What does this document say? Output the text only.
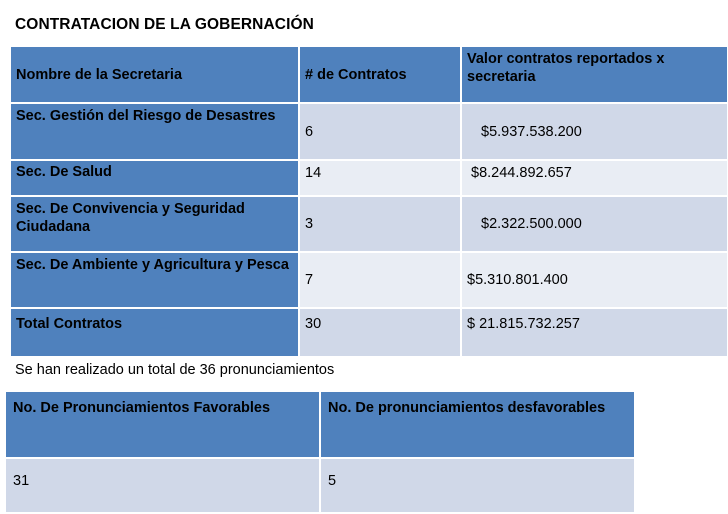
CONTRATACION DE LA GOBERNACIÓN
Nombre de la Secretaria	# de Contratos	Valor contratos reportados x secretaria
Sec. Gestión del Riesgo de Desastres	6	$5.937.538.200
Sec. De Salud	14	$8.244.892.657
Sec. De Convivencia y Seguridad Ciudadana	3	$2.322.500.000
Sec. De Ambiente y Agricultura y Pesca	7	$5.310.801.400
Total Contratos	30	$ 21.815.732.257
Se han realizado un total de 36 pronunciamientos
No. De Pronunciamientos Favorables	No. De pronunciamientos desfavorables
31	5
